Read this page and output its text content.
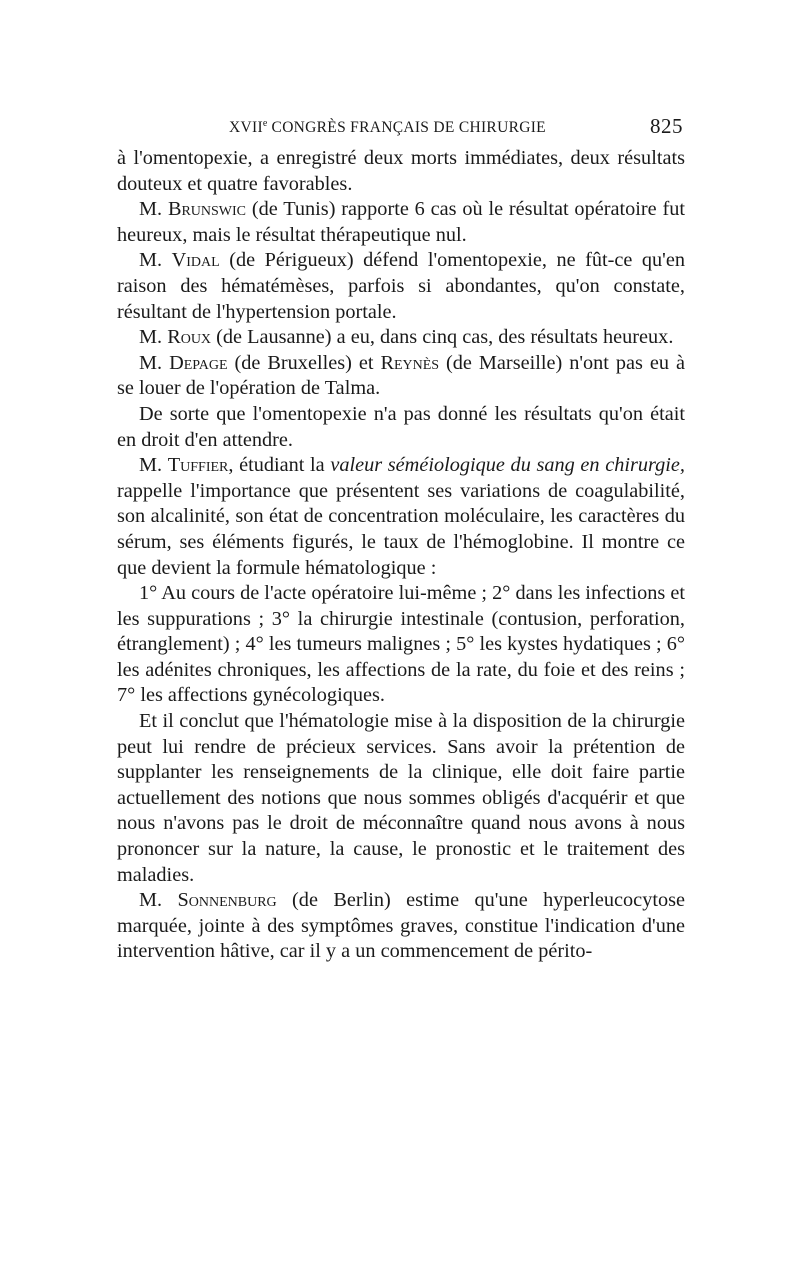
XVIIe CONGRÈS FRANÇAIS DE CHIRURGIE	825

à l'omentopexie, a enregistré deux morts immédiates, deux résultats douteux et quatre favorables.

M. Brunswic (de Tunis) rapporte 6 cas où le résultat opératoire fut heureux, mais le résultat thérapeutique nul.

M. Vidal (de Périgueux) défend l'omentopexie, ne fût-ce qu'en raison des hématémèses, parfois si abondantes, qu'on constate, résultant de l'hypertension portale.

M. Roux (de Lausanne) a eu, dans cinq cas, des résultats heureux.

M. Depage (de Bruxelles) et Reynès (de Marseille) n'ont pas eu à se louer de l'opération de Talma.

De sorte que l'omentopexie n'a pas donné les résultats qu'on était en droit d'en attendre.

M. Tuffier, étudiant la valeur séméiologique du sang en chirurgie, rappelle l'importance que présentent ses variations de coagulabilité, son alcalinité, son état de concentration moléculaire, les caractères du sérum, ses éléments figurés, le taux de l'hémoglobine. Il montre ce que devient la formule hématologique :

1° Au cours de l'acte opératoire lui-même ; 2° dans les infections et les suppurations ; 3° la chirurgie intestinale (contusion, perforation, étranglement) ; 4° les tumeurs malignes ; 5° les kystes hydatiques ; 6° les adénites chroniques, les affections de la rate, du foie et des reins ; 7° les affections gynécologiques.

Et il conclut que l'hématologie mise à la disposition de la chirurgie peut lui rendre de précieux services. Sans avoir la prétention de supplanter les renseignements de la clinique, elle doit faire partie actuellement des notions que nous sommes obligés d'acquérir et que nous n'avons pas le droit de méconnaître quand nous avons à nous prononcer sur la nature, la cause, le pronostic et le traitement des maladies.

M. Sonnenburg (de Berlin) estime qu'une hyperleucocytose marquée, jointe à des symptômes graves, constitue l'indication d'une intervention hâtive, car il y a un commencement de périto-
